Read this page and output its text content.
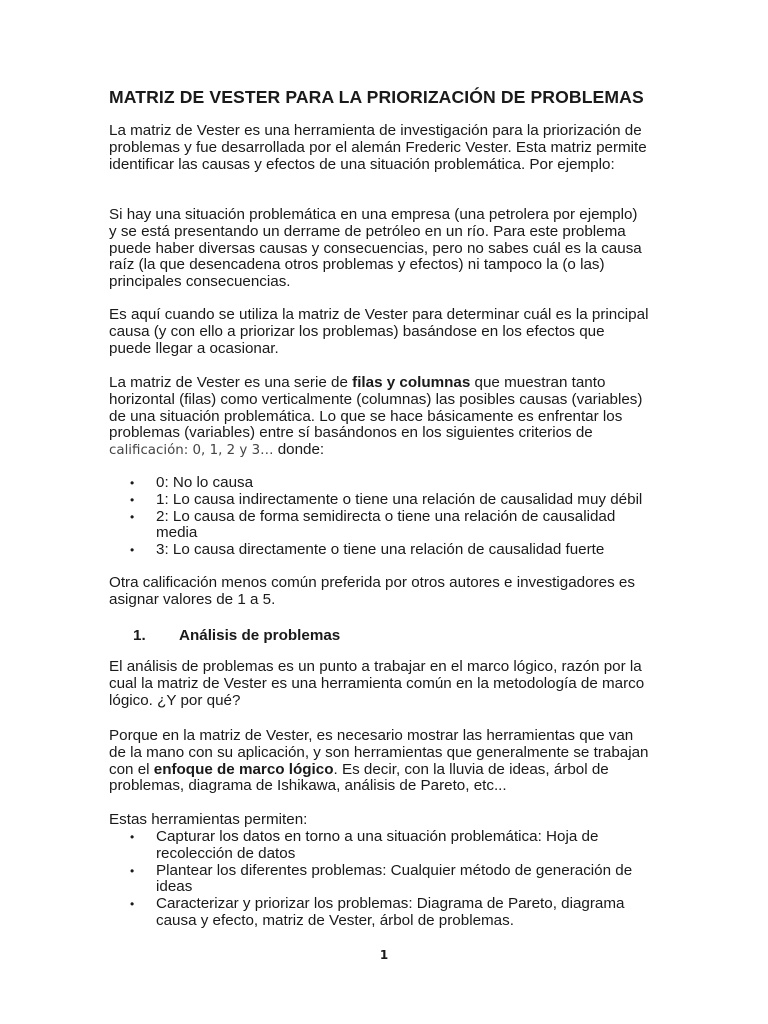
MATRIZ DE VESTER PARA LA PRIORIZACIÓN DE PROBLEMAS

La matriz de Vester es una herramienta de investigación para la priorización de problemas y fue desarrollada por el alemán Frederic Vester. Esta matriz permite identificar las causas y efectos de una situación problemática. Por ejemplo:

Si hay una situación problemática en una empresa (una petrolera por ejemplo) y se está presentando un derrame de petróleo en un río. Para este problema puede haber diversas causas y consecuencias, pero no sabes cuál es la causa raíz (la que desencadena otros problemas y efectos) ni tampoco la (o las) principales consecuencias.

Es aquí cuando se utiliza la matriz de Vester para determinar cuál es la principal causa (y con ello a priorizar los problemas) basándose en los efectos que puede llegar a ocasionar.

La matriz de Vester es una serie de filas y columnas que muestran tanto horizontal (filas) como verticalmente (columnas) las posibles causas (variables) de una situación problemática. Lo que se hace básicamente es enfrentar los problemas (variables) entre sí basándonos en los siguientes criterios de calificación: 0, 1, 2 y 3… donde:

• 0: No lo causa
• 1: Lo causa indirectamente o tiene una relación de causalidad muy débil
• 2: Lo causa de forma semidirecta o tiene una relación de causalidad media
• 3: Lo causa directamente o tiene una relación de causalidad fuerte

Otra calificación menos común preferida por otros autores e investigadores es asignar valores de 1 a 5.

1. Análisis de problemas

El análisis de problemas es un punto a trabajar en el marco lógico, razón por la cual la matriz de Vester es una herramienta común en la metodología de marco lógico. ¿Y por qué?

Porque en la matriz de Vester, es necesario mostrar las herramientas que van de la mano con su aplicación, y son herramientas que generalmente se trabajan con el enfoque de marco lógico. Es decir, con la lluvia de ideas, árbol de problemas, diagrama de Ishikawa, análisis de Pareto, etc...

Estas herramientas permiten:

• Capturar los datos en torno a una situación problemática: Hoja de recolección de datos
• Plantear los diferentes problemas: Cualquier método de generación de ideas
• Caracterizar y priorizar los problemas: Diagrama de Pareto, diagrama causa y efecto, matriz de Vester, árbol de problemas.
1
